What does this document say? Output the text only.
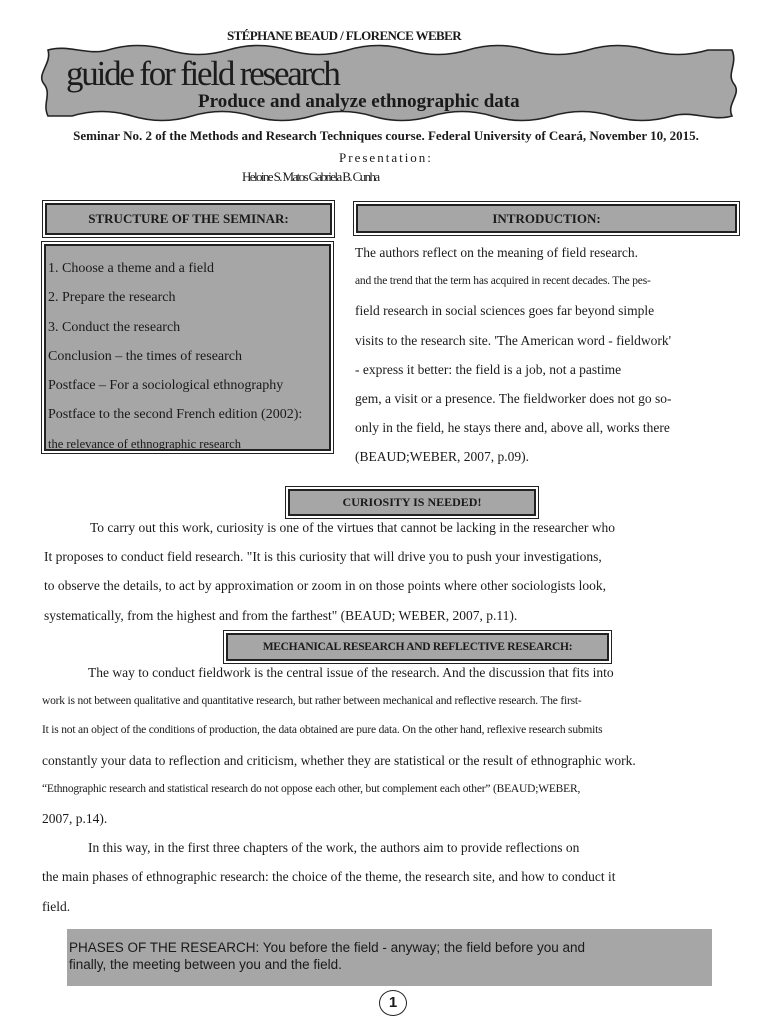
STÉPHANE BEAUD / FLORENCE WEBER
guide for field research
Produce and analyze ethnographic data
Seminar No. 2 of the Methods and Research Techniques course. Federal University of Ceará, November 10, 2015.
Presentation:
Heloine S. Matos Gabriela B. Cunha
STRUCTURE OF THE SEMINAR:	INTRODUCTION:
1. Choose a theme and a field
2. Prepare the research
3. Conduct the research
Conclusion – the times of research
Postface – For a sociological ethnography
Postface to the second French edition (2002):
the relevance of ethnographic research
The authors reflect on the meaning of field research.
and the trend that the term has acquired in recent decades. The pes-
field research in social sciences goes far beyond simple
visits to the research site. 'The American word - fieldwork'
- express it better: the field is a job, not a pastime
gem, a visit or a presence. The fieldworker does not go so-
only in the field, he stays there and, above all, works there
(BEAUD;WEBER, 2007, p.09).
CURIOSITY IS NEEDED!
To carry out this work, curiosity is one of the virtues that cannot be lacking in the researcher who
It proposes to conduct field research. "It is this curiosity that will drive you to push your investigations,
to observe the details, to act by approximation or zoom in on those points where other sociologists look,
systematically, from the highest and from the farthest" (BEAUD; WEBER, 2007, p.11).
MECHANICAL RESEARCH AND REFLECTIVE RESEARCH:
The way to conduct fieldwork is the central issue of the research. And the discussion that fits into
work is not between qualitative and quantitative research, but rather between mechanical and reflective research. The first-
It is not an object of the conditions of production, the data obtained are pure data. On the other hand, reflexive research submits
constantly your data to reflection and criticism, whether they are statistical or the result of ethnographic work.
“Ethnographic research and statistical research do not oppose each other, but complement each other” (BEAUD;WEBER,
2007, p.14).
In this way, in the first three chapters of the work, the authors aim to provide reflections on
the main phases of ethnographic research: the choice of the theme, the research site, and how to conduct it
field.
PHASES OF THE RESEARCH: You before the field - anyway; the field before you and
finally, the meeting between you and the field.
1
